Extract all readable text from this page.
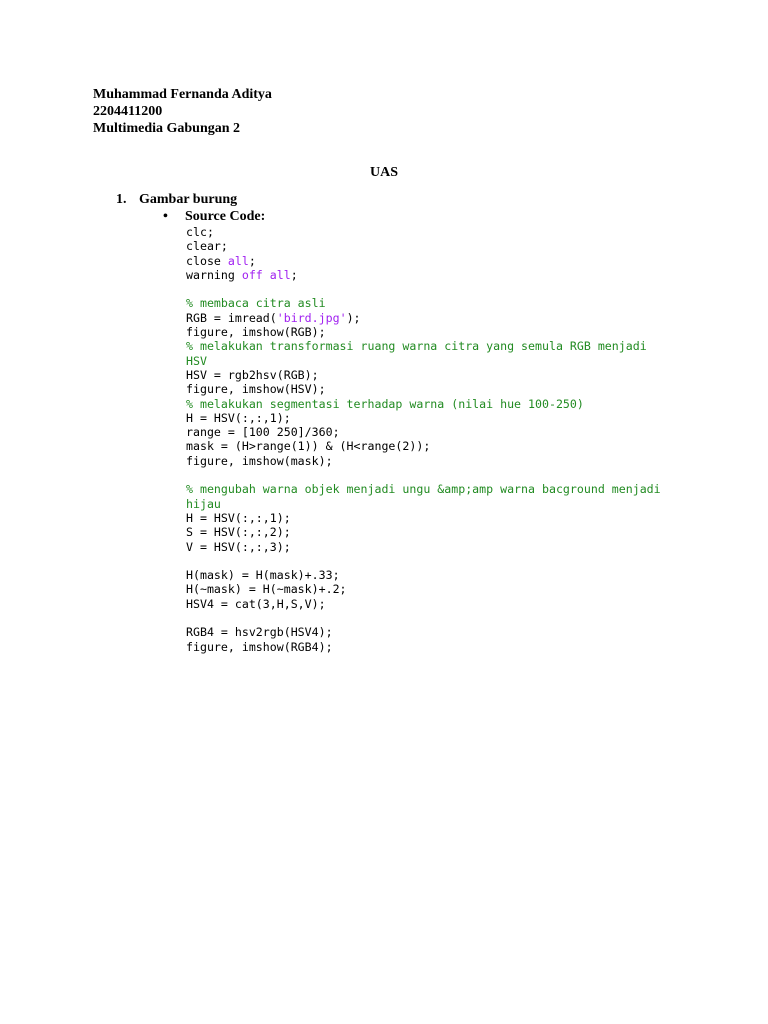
Muhammad Fernanda Aditya
2204411200
Multimedia Gabungan 2
UAS
1. Gambar burung
• Source Code:
clc;
clear;
close all;
warning off all;

% membaca citra asli
RGB = imread('bird.jpg');
figure, imshow(RGB);
% melakukan transformasi ruang warna citra yang semula RGB menjadi
HSV
HSV = rgb2hsv(RGB);
figure, imshow(HSV);
% melakukan segmentasi terhadap warna (nilai hue 100-250)
H = HSV(:,:,1);
range = [100 250]/360;
mask = (H>range(1)) & (H<range(2));
figure, imshow(mask);

% mengubah warna objek menjadi ungu &amp;amp warna bacground menjadi
hijau
H = HSV(:,:,1);
S = HSV(:,:,2);
V = HSV(:,:,3);

H(mask) = H(mask)+.33;
H(~mask) = H(~mask)+.2;
HSV4 = cat(3,H,S,V);

RGB4 = hsv2rgb(HSV4);
figure, imshow(RGB4);
